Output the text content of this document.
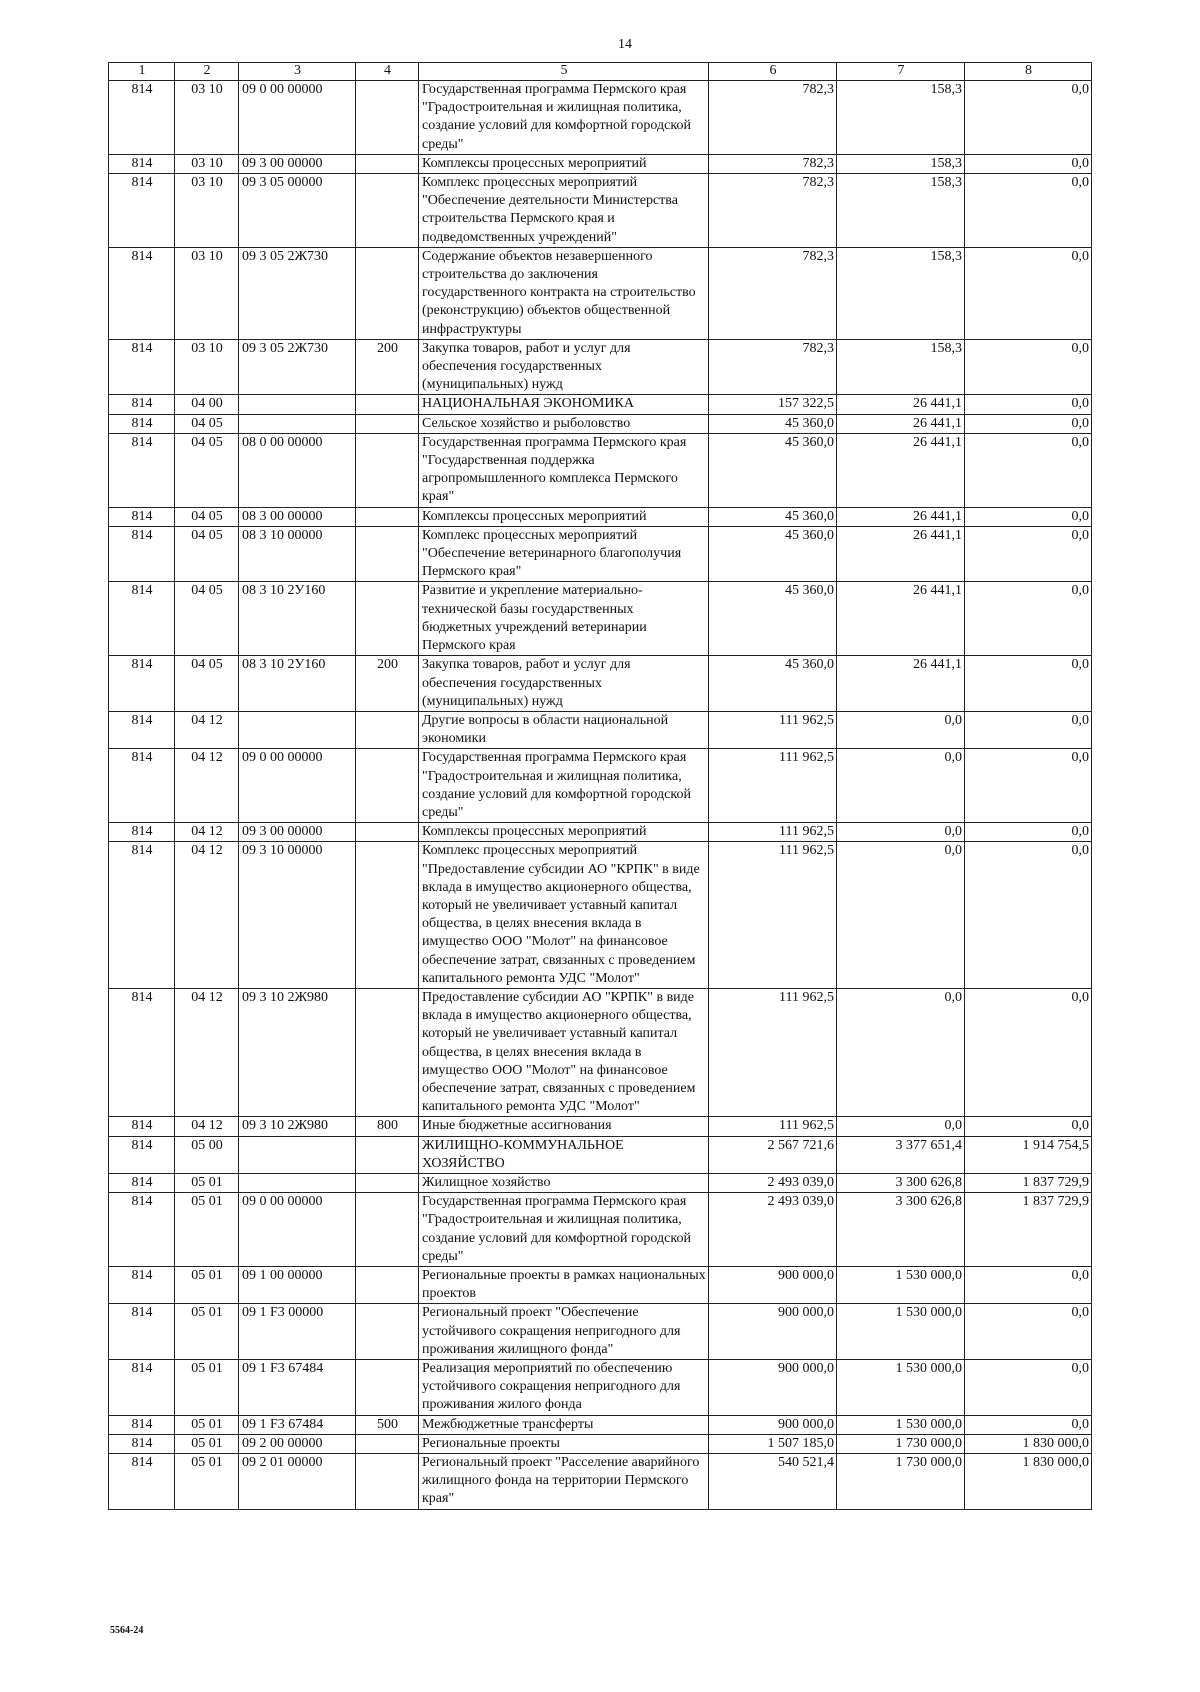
14
1	2	3	4	5	6	7	8
814	03 10	09 0 00 00000		Государственная программа Пермского края "Градостроительная и жилищная политика, создание условий для комфортной городской среды"	782,3	158,3	0,0
814	03 10	09 3 00 00000		Комплексы процессных мероприятий	782,3	158,3	0,0
814	03 10	09 3 05 00000		Комплекс процессных мероприятий "Обеспечение деятельности Министерства строительства Пермского края и подведомственных учреждений"	782,3	158,3	0,0
814	03 10	09 3 05 2Ж730		Содержание объектов незавершенного строительства до заключения государственного контракта на строительство (реконструкцию) объектов общественной инфраструктуры	782,3	158,3	0,0
814	03 10	09 3 05 2Ж730	200	Закупка товаров, работ и услуг для обеспечения государственных (муниципальных) нужд	782,3	158,3	0,0
814	04 00			НАЦИОНАЛЬНАЯ ЭКОНОМИКА	157 322,5	26 441,1	0,0
814	04 05			Сельское хозяйство и рыболовство	45 360,0	26 441,1	0,0
814	04 05	08 0 00 00000		Государственная программа Пермского края "Государственная поддержка агропромышленного комплекса Пермского края"	45 360,0	26 441,1	0,0
814	04 05	08 3 00 00000		Комплексы процессных мероприятий	45 360,0	26 441,1	0,0
814	04 05	08 3 10 00000		Комплекс процессных мероприятий "Обеспечение ветеринарного благополучия Пермского края"	45 360,0	26 441,1	0,0
814	04 05	08 3 10 2У160		Развитие и укрепление материально-технической базы государственных бюджетных учреждений ветеринарии Пермского края	45 360,0	26 441,1	0,0
814	04 05	08 3 10 2У160	200	Закупка товаров, работ и услуг для обеспечения государственных (муниципальных) нужд	45 360,0	26 441,1	0,0
814	04 12			Другие вопросы в области национальной экономики	111 962,5	0,0	0,0
814	04 12	09 0 00 00000		Государственная программа Пермского края "Градостроительная и жилищная политика, создание условий для комфортной городской среды"	111 962,5	0,0	0,0
814	04 12	09 3 00 00000		Комплексы процессных мероприятий	111 962,5	0,0	0,0
814	04 12	09 3 10 00000		Комплекс процессных мероприятий "Предоставление субсидии АО "КРПК" в виде вклада в имущество акционерного общества, который не увеличивает уставный капитал общества, в целях внесения вклада в имущество ООО "Молот" на финансовое обеспечение затрат, связанных с проведением капитального ремонта УДС "Молот"	111 962,5	0,0	0,0
814	04 12	09 3 10 2Ж980		Предоставление субсидии АО "КРПК" в виде вклада в имущество акционерного общества, который не увеличивает уставный капитал общества, в целях внесения вклада в имущество ООО "Молот" на финансовое обеспечение затрат, связанных с проведением капитального ремонта УДС "Молот"	111 962,5	0,0	0,0
814	04 12	09 3 10 2Ж980	800	Иные бюджетные ассигнования	111 962,5	0,0	0,0
814	05 00			ЖИЛИЩНО-КОММУНАЛЬНОЕ ХОЗЯЙСТВО	2 567 721,6	3 377 651,4	1 914 754,5
814	05 01			Жилищное хозяйство	2 493 039,0	3 300 626,8	1 837 729,9
814	05 01	09 0 00 00000		Государственная программа Пермского края "Градостроительная и жилищная политика, создание условий для комфортной городской среды"	2 493 039,0	3 300 626,8	1 837 729,9
814	05 01	09 1 00 00000		Региональные проекты в рамках национальных проектов	900 000,0	1 530 000,0	0,0
814	05 01	09 1 F3 00000		Региональный проект "Обеспечение устойчивого сокращения непригодного для проживания жилищного фонда"	900 000,0	1 530 000,0	0,0
814	05 01	09 1 F3 67484		Реализация мероприятий по обеспечению устойчивого сокращения непригодного для проживания жилого фонда	900 000,0	1 530 000,0	0,0
814	05 01	09 1 F3 67484	500	Межбюджетные трансферты	900 000,0	1 530 000,0	0,0
814	05 01	09 2 00 00000		Региональные проекты	1 507 185,0	1 730 000,0	1 830 000,0
814	05 01	09 2 01 00000		Региональный проект "Расселение аварийного жилищного фонда на территории Пермского края"	540 521,4	1 730 000,0	1 830 000,0
5564-24
